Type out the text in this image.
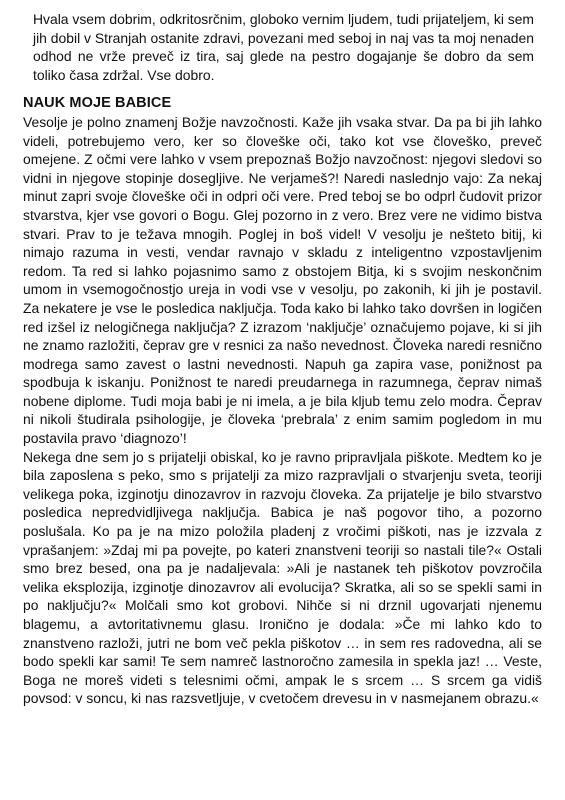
Hvala vsem dobrim, odkritosrčnim, globoko vernim ljudem, tudi prijateljem, ki sem jih dobil v Stranjah ostanite zdravi, povezani med seboj in naj vas ta moj nenaden odhod ne vrže preveč iz tira, saj glede na pestro dogajanje še dobro da sem toliko časa zdržal. Vse dobro.

NAUK MOJE BABICE

Vesolje je polno znamenj Božje navzočnosti. Kaže jih vsaka stvar. Da pa bi jih lahko videli, potrebujemo vero, ker so človeške oči, tako kot vse človeško, preveč omejene. Z očmi vere lahko v vsem prepoznaš Božjo navzočnost: njegovi sledovi so vidni in njegove stopinje dosegljive. Ne verjameš?! Naredi naslednjo vajo: Za nekaj minut zapri svoje človeške oči in odpri oči vere. Pred teboj se bo odprl čudovit prizor stvarstva, kjer vse govori o Bogu. Glej pozorno in z vero. Brez vere ne vidimo bistva stvari. Prav to je težava mnogih. Poglej in boš videl! V vesolju je nešteto bitij, ki nimajo razuma in vesti, vendar ravnajo v skladu z inteligentno vzpostavljenim redom. Ta red si lahko pojasnimo samo z obstojem Bitja, ki s svojim neskončnim umom in vsemogočnostjo ureja in vodi vse v vesolju, po zakonih, ki jih je postavil. Za nekatere je vse le posledica naključja. Toda kako bi lahko tako dovršen in logičen red izšel iz nelogičnega naključja? Z izrazom ‘naključje’ označujemo pojave, ki si jih ne znamo razložiti, čeprav gre v resnici za našo nevednost. Človeka naredi resnično modrega samo zavest o lastni nevednosti. Napuh ga zapira vase, ponižnost pa spodbuja k iskanju. Ponižnost te naredi preudarnega in razumnega, čeprav nimaš nobene diplome. Tudi moja babi je ni imela, a je bila kljub temu zelo modra. Čeprav ni nikoli študirala psihologije, je človeka ‘prebrala’ z enim samim pogledom in mu postavila pravo ‘diagnozo’!

Nekega dne sem jo s prijatelji obiskal, ko je ravno pripravljala piškote. Medtem ko je bila zaposlena s peko, smo s prijatelji za mizo razpravljali o stvarjenju sveta, teoriji velikega poka, izginotju dinozavrov in razvoju človeka. Za prijatelje je bilo stvarstvo posledica nepredvidljivega naključja. Babica je naš pogovor tiho, a pozorno poslušala. Ko pa je na mizo položila pladenj z vročimi piškoti, nas je izzvala z vprašanjem: »Zdaj mi pa povejte, po kateri znanstveni teoriji so nastali tile?« Ostali smo brez besed, ona pa je nadaljevala: »Ali je nastanek teh piškotov povzročila velika eksplozija, izginotje dinozavrov ali evolucija? Skratka, ali so se spekli sami in po naključju?« Molčali smo kot grobovi. Nihče si ni drznil ugovarjati njenemu blagemu, a avtoritativnemu glasu. Ironično je dodala: »Če mi lahko kdo to znanstveno razloži, jutri ne bom več pekla piškotov … in sem res radovedna, ali se bodo spekli kar sami! Te sem namreč lastnoročno zamesila in spekla jaz! … Veste, Boga ne moreš videti s telesnimi očmi, ampak le s srcem … S srcem ga vidiš povsod: v soncu, ki nas razsvetljuje, v cvetočem drevesu in v nasmejanem obrazu.«
